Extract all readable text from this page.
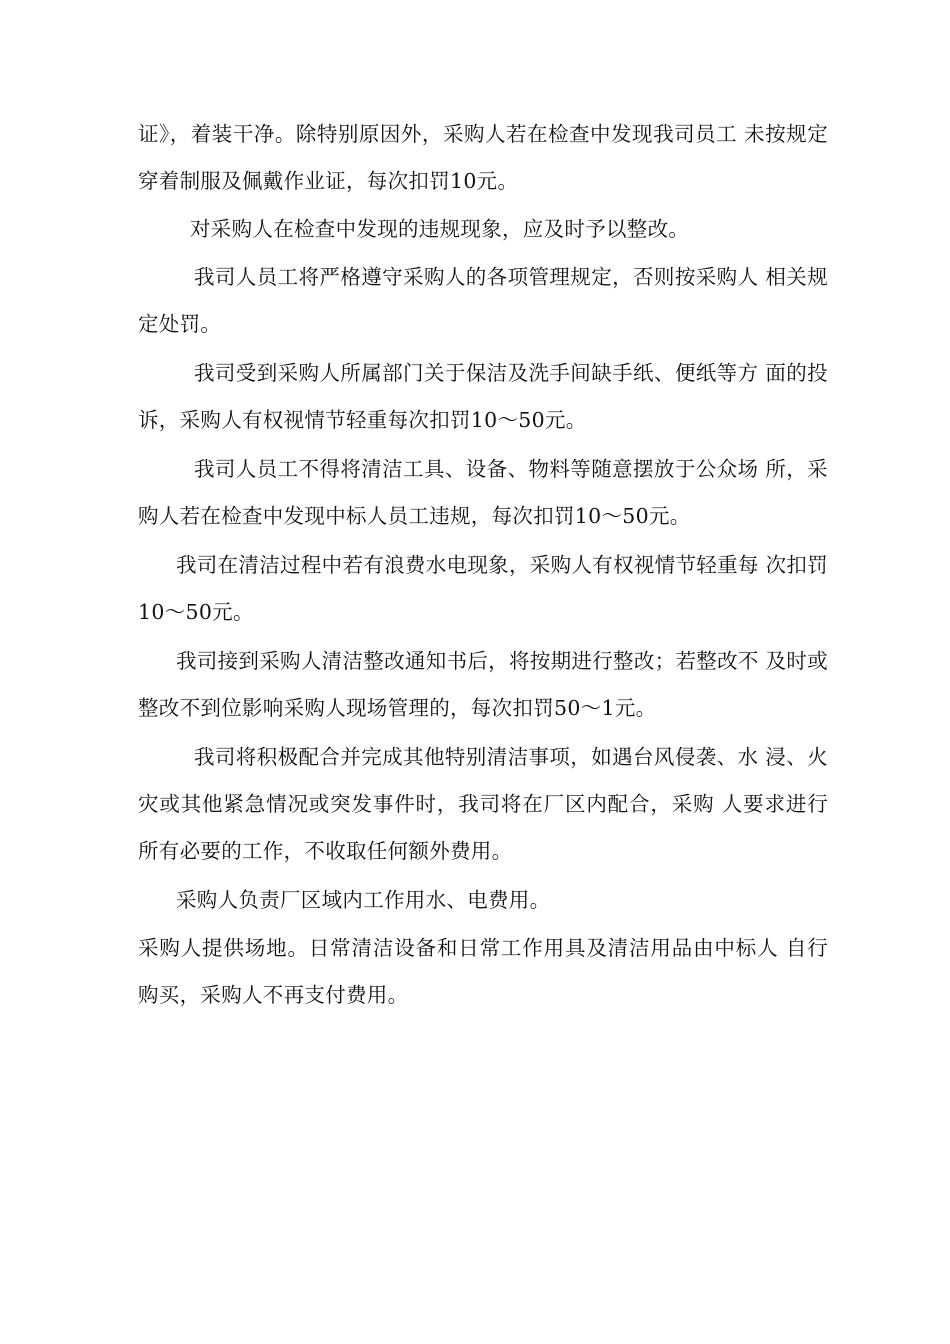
证》，着装干净。除特别原因外，采购人若在检查中发现我司员工 未按规定穿着制服及佩戴作业证，每次扣罚10元。

对采购人在检查中发现的违规现象，应及时予以整改。

我司人员工将严格遵守采购人的各项管理规定，否则按采购人 相关规定处罚。

我司受到采购人所属部门关于保洁及洗手间缺手纸、便纸等方 面的投诉，采购人有权视情节轻重每次扣罚10〜50元。

我司人员工不得将清洁工具、设备、物料等随意摆放于公众场 所，采购人若在检查中发现中标人员工违规，每次扣罚10〜50元。

我司在清洁过程中若有浪费水电现象，采购人有权视情节轻重每 次扣罚10〜50元。

我司接到采购人清洁整改通知书后，将按期进行整改；若整改不 及时或整改不到位影响采购人现场管理的，每次扣罚50〜1元。

我司将积极配合并完成其他特别清洁事项，如遇台风侵袭、水 浸、火灾或其他紧急情况或突发事件时，我司将在厂区内配合，采购 人要求进行所有必要的工作，不收取任何额外费用。

采购人负责厂区域内工作用水、电费用。

采购人提供场地。日常清洁设备和日常工作用具及清洁用品由中标人 自行购买，采购人不再支付费用。
